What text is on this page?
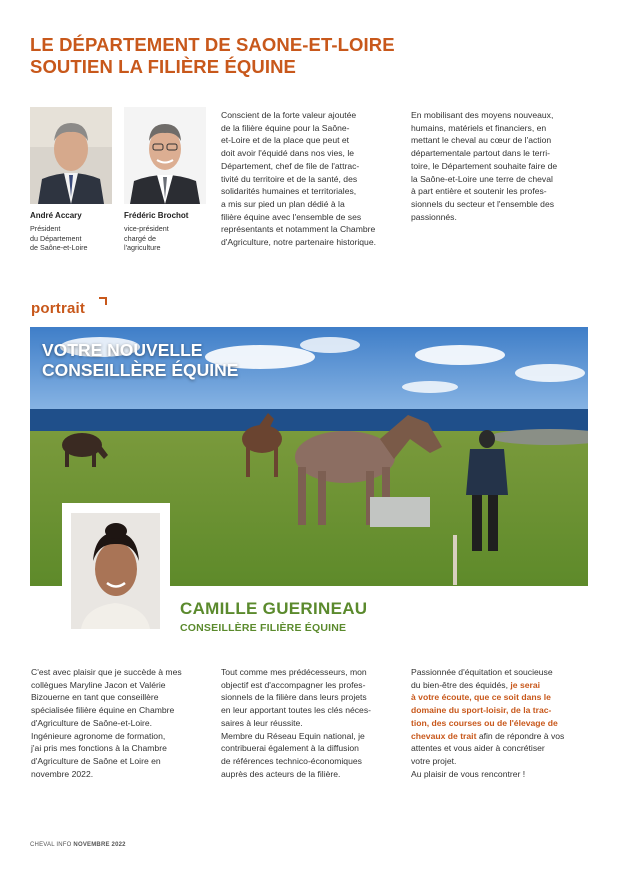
LE DÉPARTEMENT DE SAONE-ET-LOIRE
SOUTIEN LA FILIÈRE ÉQUINE
André Accary
Président
du Département
de Saône-et-Loire
Frédéric Brochot
vice-président
chargé de
l'agriculture

Conscient de la forte valeur ajoutée
de la filière équine pour la Saône-
et-Loire et de la place que peut et
doit avoir l'équidé dans nos vies, le
Département, chef de file de l'attrac-
tivité du territoire et de la santé, des
solidarités humaines et territoriales,
a mis sur pied un plan dédié à la
filière équine avec l'ensemble de ses
représentants et notamment la Chambre
d'Agriculture, notre partenaire historique.

En mobilisant des moyens nouveaux,
humains, matériels et financiers, en
mettant le cheval au cœur de l'action
départementale partout dans le terri-
toire, le Département souhaite faire de
la Saône-et-Loire une terre de cheval
à part entière et soutenir les profes-
sionnels du secteur et l'ensemble des
passionnés.

portrait
VOTRE NOUVELLE
CONSEILLÈRE ÉQUINE
CAMILLE GUERINEAU
CONSEILLÈRE FILIÈRE ÉQUINE

C'est avec plaisir que je succède à mes
collègues Maryline Jacon et Valérie
Bizouerne en tant que conseillère
spécialisée filière équine en Chambre
d'Agriculture de Saône-et-Loire.
Ingénieure agronome de formation,
j'ai pris mes fonctions à la Chambre
d'Agriculture de Saône et Loire en
novembre 2022.

Tout comme mes prédécesseurs, mon
objectif est d'accompagner les profes-
sionnels de la filière dans leurs projets
en leur apportant toutes les clés néces-
saires à leur réussite.
Membre du Réseau Equin national, je
contribuerai également à la diffusion
de références technico-économiques
auprès des acteurs de la filière.

Passionnée d'équitation et soucieuse
du bien-être des équidés, je serai
à votre écoute, que ce soit dans le
domaine du sport-loisir, de la trac-
tion, des courses ou de l'élevage de
chevaux de trait afin de répondre à vos
attentes et vous aider à concrétiser
votre projet.
Au plaisir de vous rencontrer !

CHEVAL INFO NOVEMBRE 2022
